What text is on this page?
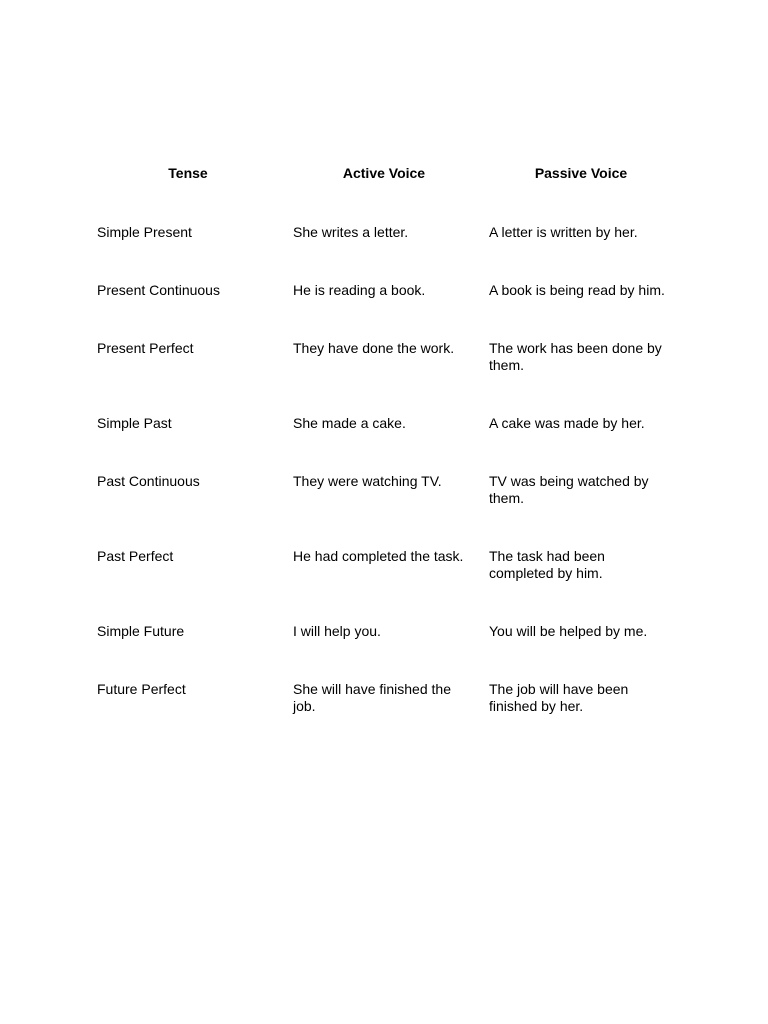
Tense	Active Voice	Passive Voice
Simple Present	She writes a letter.	A letter is written by her.
Present Continuous	He is reading a book.	A book is being read by him.
Present Perfect	They have done the work.	The work has been done by them.
Simple Past	She made a cake.	A cake was made by her.
Past Continuous	They were watching TV.	TV was being watched by them.
Past Perfect	He had completed the task.	The task had been completed by him.
Simple Future	I will help you.	You will be helped by me.
Future Perfect	She will have finished the job.	The job will have been finished by her.
